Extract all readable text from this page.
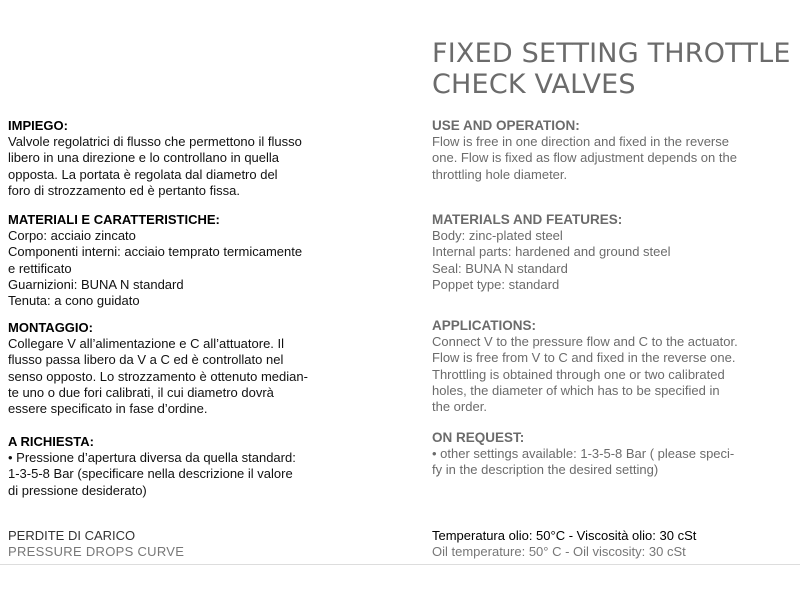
FIXED SETTING THROTTLE
CHECK VALVES

IMPIEGO:

Valvole regolatrici di flusso che permettono il flusso

libero in una direzione e lo controllano in quella

opposta. La portata è regolata dal diametro del

foro di strozzamento ed è pertanto fissa.

MATERIALI E CARATTERISTICHE:

Corpo: acciaio zincato

Componenti interni: acciaio temprato termicamente

e rettificato

Guarnizioni: BUNA N standard

Tenuta: a cono guidato

MONTAGGIO:

Collegare V all’alimentazione e C all’attuatore. Il

flusso passa libero da V a C ed è controllato nel

senso opposto. Lo strozzamento è ottenuto median-

te uno o due fori calibrati, il cui diametro dovrà

essere specificato in fase d’ordine.

A RICHIESTA:

• Pressione d’apertura diversa da quella standard:

1-3-5-8 Bar (specificare nella descrizione il valore

di pressione desiderato)

USE AND OPERATION:

Flow is free in one direction and fixed in the reverse

one. Flow is fixed as flow adjustment depends on the

throttling hole diameter.

MATERIALS AND FEATURES:

Body: zinc-plated steel

Internal parts: hardened and ground steel

Seal: BUNA N standard

Poppet type: standard

APPLICATIONS:

Connect V to the pressure flow and C to the actuator.

Flow is free from V to C and fixed in the reverse one.

Throttling is obtained through one or two calibrated

holes, the diameter of which has to be specified in

the order.

ON REQUEST:

• other settings available: 1-3-5-8 Bar ( please speci-

fy in the description the desired setting)

PERDITE DI CARICO
PRESSURE DROPS CURVE
Temperatura olio: 50°C - Viscosità olio: 30 cSt
Oil temperature: 50° C - Oil viscosity: 30 cSt
